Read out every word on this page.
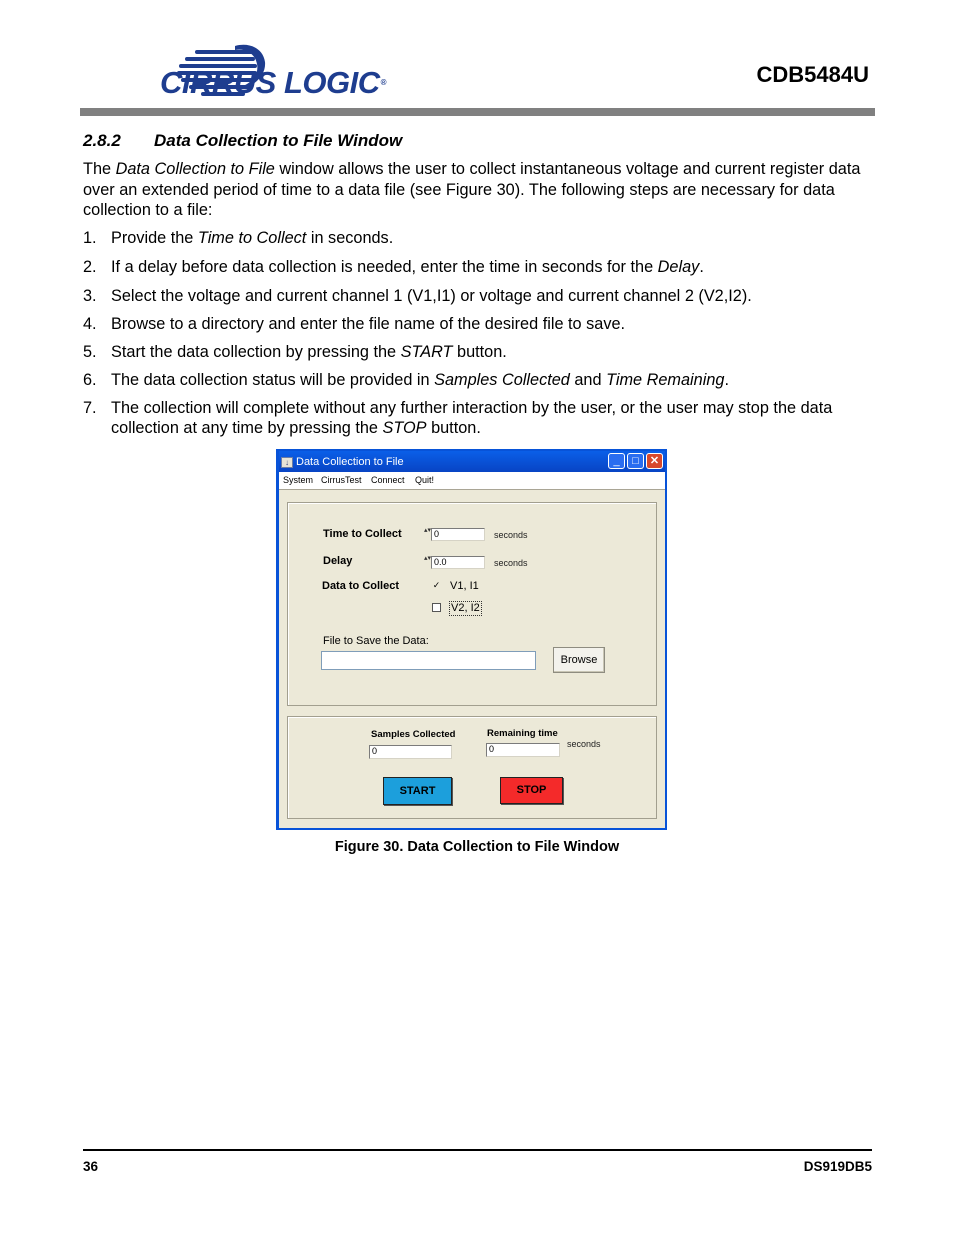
CIRRUS LOGIC®	CDB5484U
2.8.2 Data Collection to File Window
The Data Collection to File window allows the user to collect instantaneous voltage and current register data over an extended period of time to a data file (see Figure 30). The following steps are necessary for data collection to a file:
1. Provide the Time to Collect in seconds.
2. If a delay before data collection is needed, enter the time in seconds for the Delay.
3. Select the voltage and current channel 1 (V1,I1) or voltage and current channel 2 (V2,I2).
4. Browse to a directory and enter the file name of the desired file to save.
5. Start the data collection by pressing the START button.
6. The data collection status will be provided in Samples Collected and Time Remaining.
7. The collection will complete without any further interaction by the user, or the user may stop the data collection at any time by pressing the STOP button.
↓ Data Collection to File	_	□	✕
System CirrusTest Connect Quit!
Time to Collect	▴▾ 0	seconds
Delay	▴▾ 0.0	seconds
Data to Collect	✓ V1, I1
V2, I2
File to Save the Data:
Browse
Samples Collected
0
Remaining time
0	seconds
START	STOP
Figure 30. Data Collection to File Window
36	DS919DB5
